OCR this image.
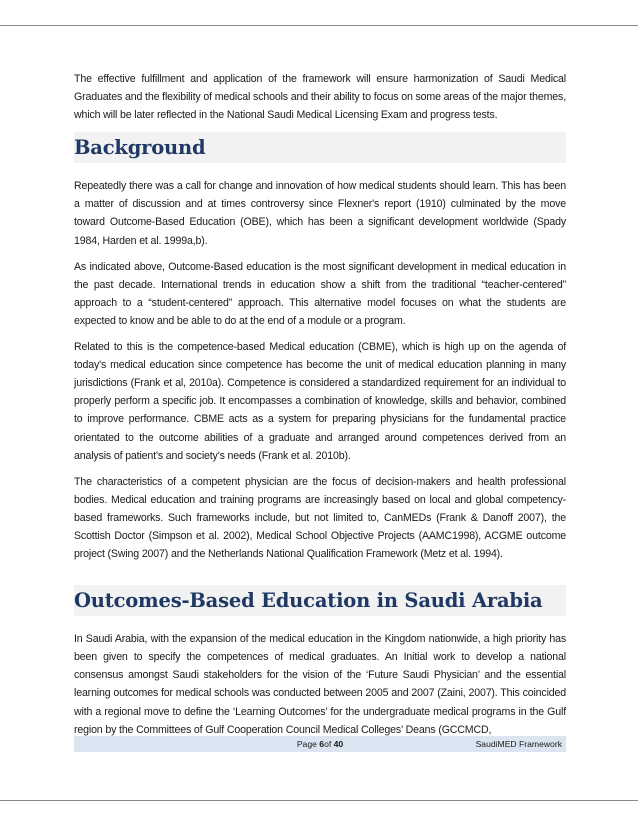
The effective fulfillment and application of the framework will ensure harmonization of Saudi Medical Graduates and the flexibility of medical schools and their ability to focus on some areas of the major themes, which will be later reflected in the National Saudi Medical Licensing Exam and progress tests.

Background

Repeatedly there was a call for change and innovation of how medical students should learn. This has been a matter of discussion and at times controversy since Flexner's report (1910) culminated by the move toward Outcome-Based Education (OBE), which has been a significant development worldwide (Spady 1984, Harden et al. 1999a,b).

As indicated above, Outcome-Based education is the most significant development in medical education in the past decade. International trends in education show a shift from the traditional “teacher-centered” approach to a “student-centered” approach. This alternative model focuses on what the students are expected to know and be able to do at the end of a module or a program.

Related to this is the competence-based Medical education (CBME), which is high up on the agenda of today's medical education since competence has become the unit of medical education planning in many jurisdictions (Frank et al, 2010a). Competence is considered a standardized requirement for an individual to properly perform a specific job. It encompasses a combination of knowledge, skills and behavior, combined to improve performance. CBME acts as a system for preparing physicians for the fundamental practice orientated to the outcome abilities of a graduate and arranged around competences derived from an analysis of patient's and society's needs (Frank et al. 2010b).

The characteristics of a competent physician are the focus of decision-makers and health professional bodies. Medical education and training programs are increasingly based on local and global competency-based frameworks. Such frameworks include, but not limited to, CanMEDs (Frank & Danoff 2007), the Scottish Doctor (Simpson et al. 2002), Medical School Objective Projects (AAMC1998), ACGME outcome project (Swing 2007) and the Netherlands National Qualification Framework (Metz et al. 1994).

Outcomes-Based Education in Saudi Arabia

In Saudi Arabia, with the expansion of the medical education in the Kingdom nationwide, a high priority has been given to specify the competences of medical graduates. An Initial work to develop a national consensus amongst Saudi stakeholders for the vision of the ‘Future Saudi Physician’ and the essential learning outcomes for medical schools was conducted between 2005 and 2007 (Zaini, 2007). This coincided with a regional move to define the ‘Learning Outcomes’ for the undergraduate medical programs in the Gulf region by the Committees of Gulf Cooperation Council Medical Colleges’ Deans (GCCMCD,

Page 6of 40	SaudiMED Framework
